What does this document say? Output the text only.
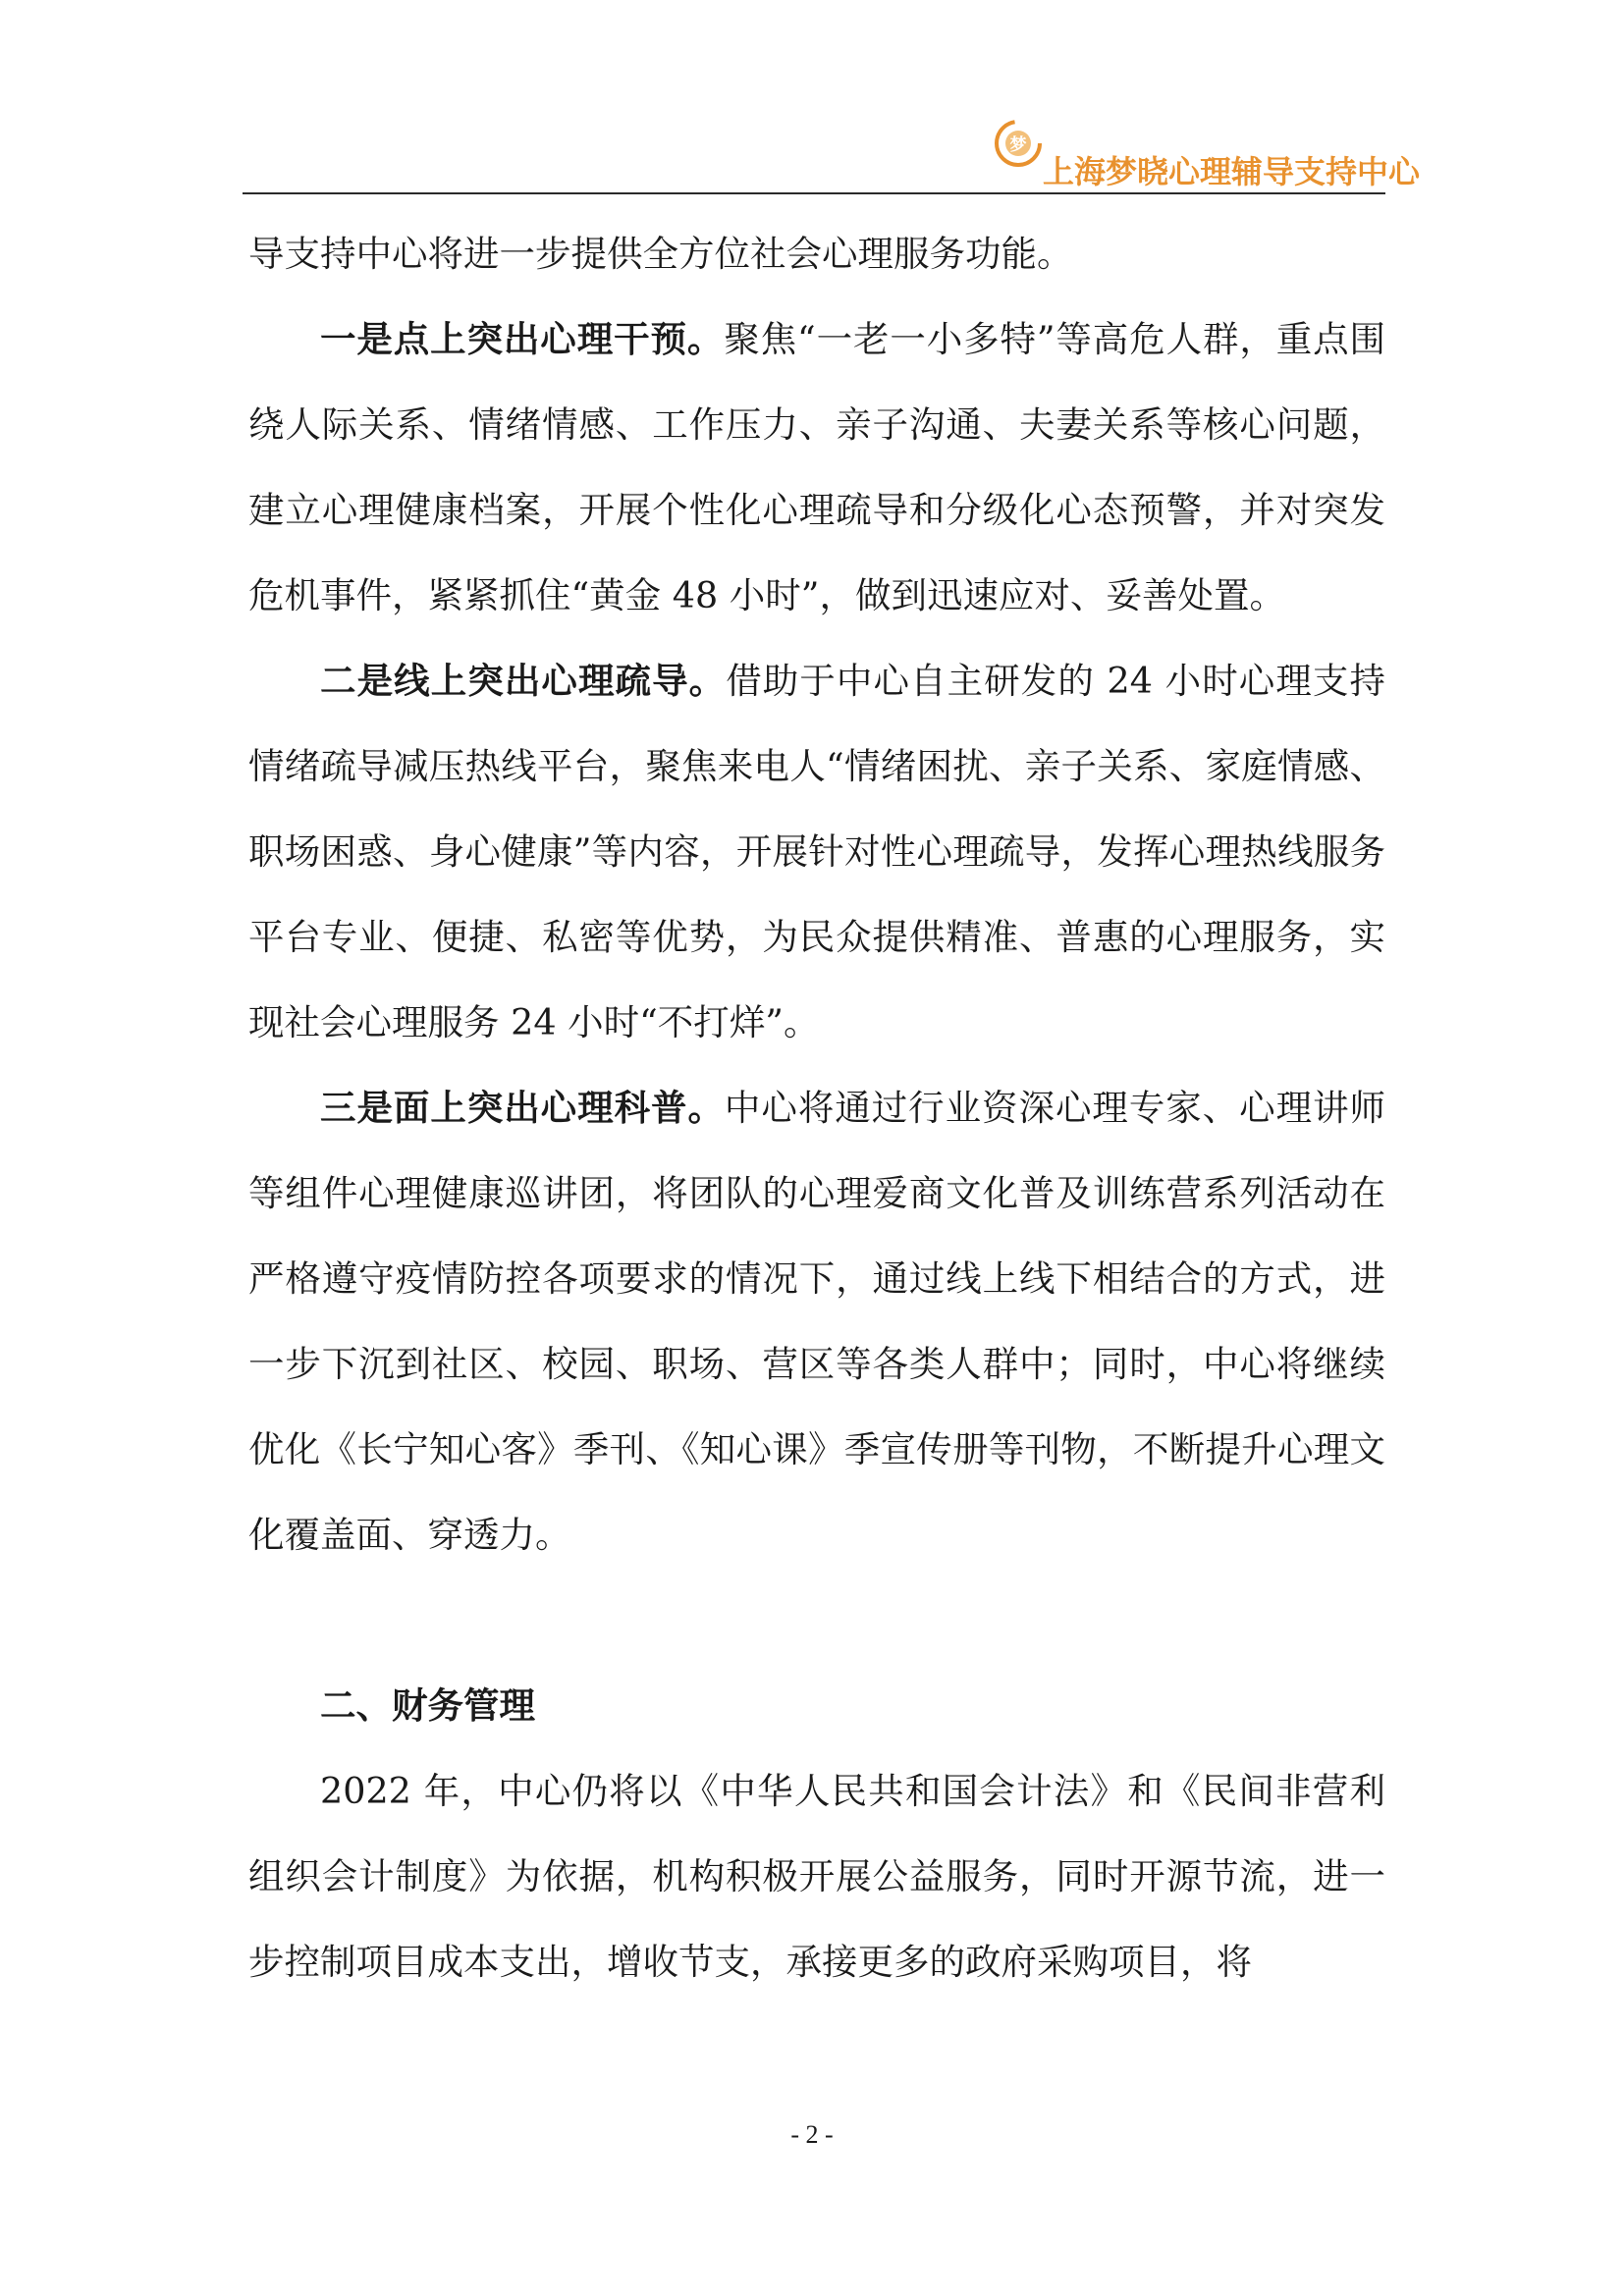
梦
上海梦晓心理辅导支持中心

导支持中心将进一步提供全方位社会心理服务功能。

一是点上突出心理干预。聚焦“一老一小多特”等高危人群，重点围绕人际关系、情绪情感、工作压力、亲子沟通、夫妻关系等核心问题，建立心理健康档案，开展个性化心理疏导和分级化心态预警，并对突发危机事件，紧紧抓住“黄金 48 小时”，做到迅速应对、妥善处置。

二是线上突出心理疏导。借助于中心自主研发的 24 小时心理支持情绪疏导减压热线平台，聚焦来电人“情绪困扰、亲子关系、家庭情感、职场困惑、身心健康”等内容，开展针对性心理疏导，发挥心理热线服务平台专业、便捷、私密等优势，为民众提供精准、普惠的心理服务，实现社会心理服务 24 小时“不打烊”。

三是面上突出心理科普。中心将通过行业资深心理专家、心理讲师等组件心理健康巡讲团，将团队的心理爱商文化普及训练营系列活动在严格遵守疫情防控各项要求的情况下，通过线上线下相结合的方式，进一步下沉到社区、校园、职场、营区等各类人群中；同时，中心将继续优化《长宁知心客》季刊、《知心课》季宣传册等刊物，不断提升心理文化覆盖面、穿透力。

二、财务管理

2022 年，中心仍将以《中华人民共和国会计法》和《民间非营利组织会计制度》为依据，机构积极开展公益服务，同时开源节流，进一步控制项目成本支出，增收节支，承接更多的政府采购项目，将

- 2 -
